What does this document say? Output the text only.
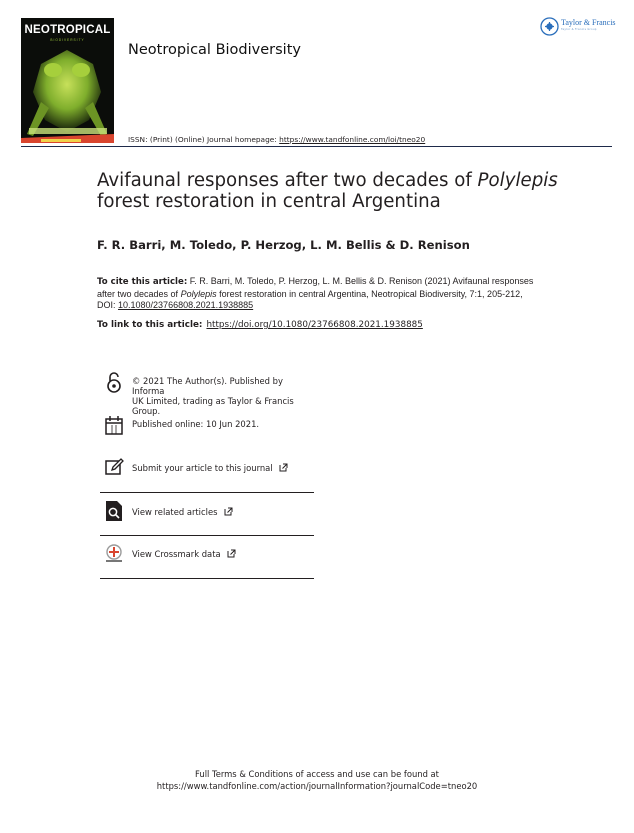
NEOTROPICAL
BIODIVERSITY
Neotropical Biodiversity
Taylor & Francis
Taylor & Francis Group
ISSN: (Print) (Online) Journal homepage: https://www.tandfonline.com/loi/tneo20
Avifaunal responses after two decades of Polylepis
forest restoration in central Argentina
F. R. Barri, M. Toledo, P. Herzog, L. M. Bellis & D. Renison
To cite this article: F. R. Barri, M. Toledo, P. Herzog, L. M. Bellis & D. Renison (2021) Avifaunal responses after two decades of Polylepis forest restoration in central Argentina, Neotropical Biodiversity, 7:1, 205-212, DOI: 10.1080/23766808.2021.1938885
To link to this article: https://doi.org/10.1080/23766808.2021.1938885
© 2021 The Author(s). Published by Informa
UK Limited, trading as Taylor & Francis
Group.
Published online: 10 Jun 2021.
Submit your article to this journal
View related articles
View Crossmark data
Full Terms & Conditions of access and use can be found at
https://www.tandfonline.com/action/journalInformation?journalCode=tneo20
